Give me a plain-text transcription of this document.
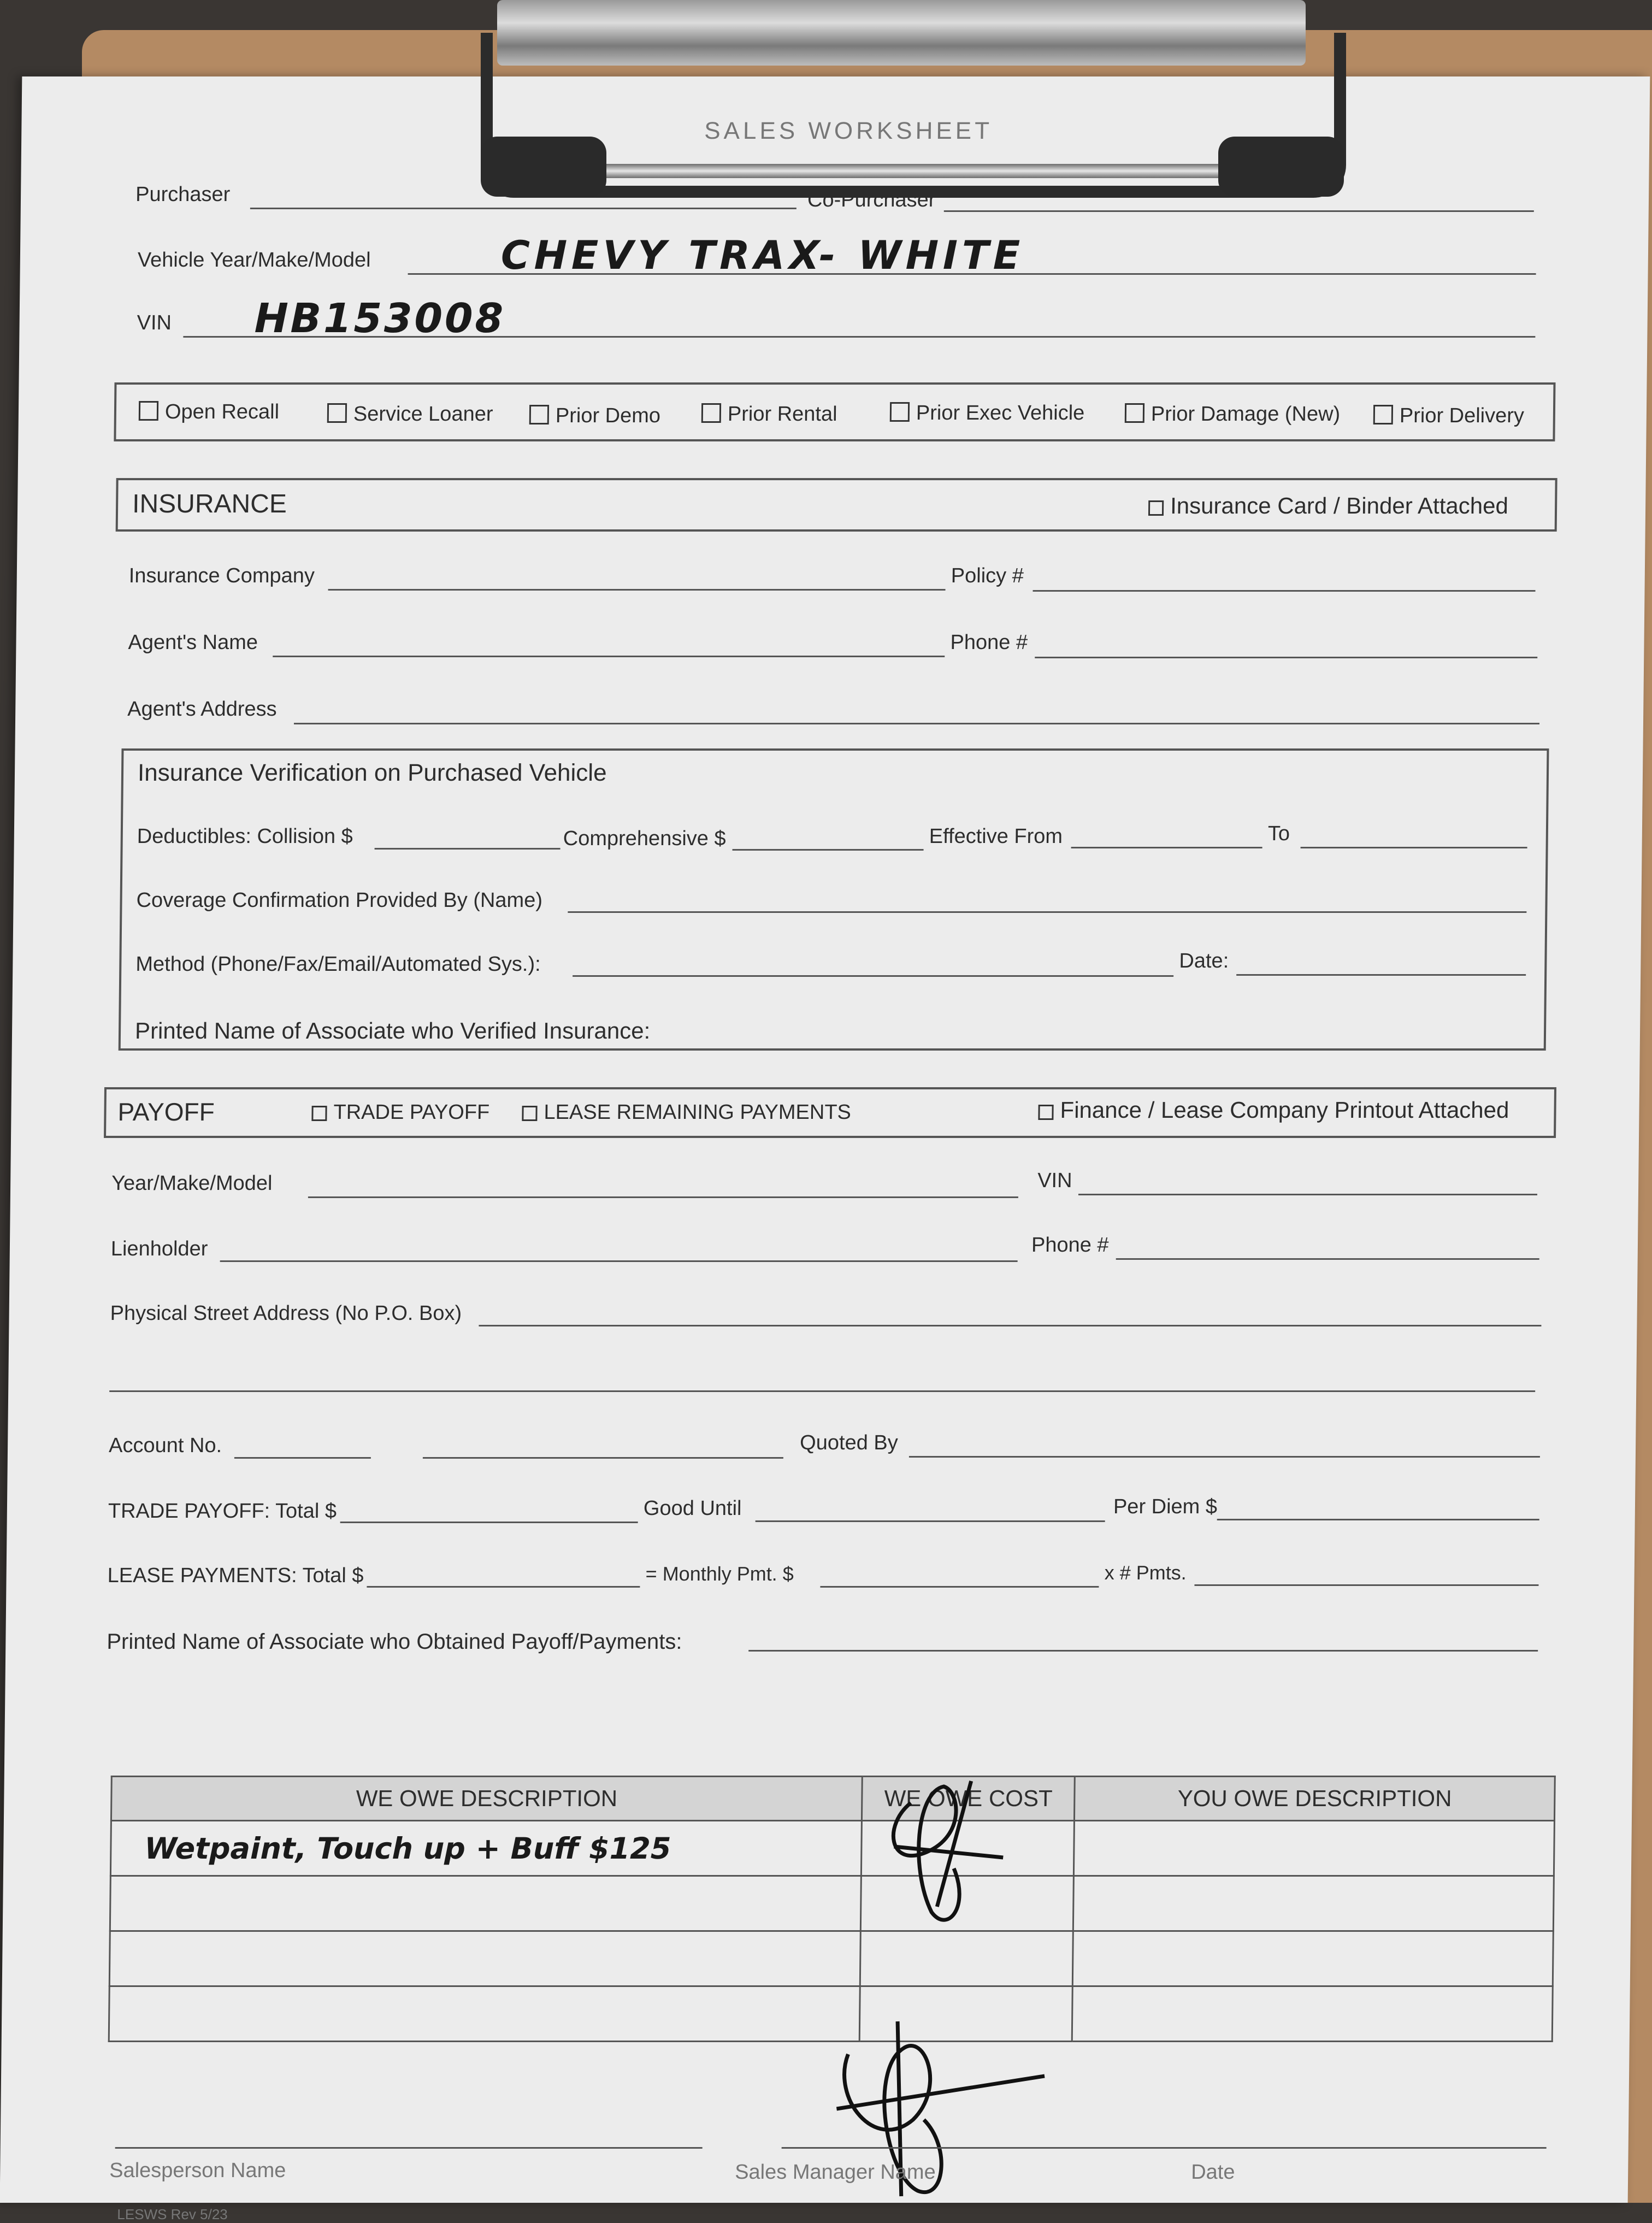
SALES WORKSHEET
Purchaser	Co-Purchaser
Vehicle Year/Make/Model	CHEVY TRAX- WHITE
VIN HB153008
Open Recall	Service Loaner	Prior Demo	Prior Rental	Prior Exec Vehicle	Prior Damage (New)	Prior Delivery
INSURANCE	Insurance Card / Binder Attached
Insurance Company	Policy #
Agent's Name	Phone #
Agent's Address
Insurance Verification on Purchased Vehicle
Deductibles: Collision $	Comprehensive $	Effective From	To
Coverage Confirmation Provided By (Name)
Method (Phone/Fax/Email/Automated Sys.):	Date:
Printed Name of Associate who Verified Insurance:
PAYOFF	TRADE PAYOFF	LEASE REMAINING PAYMENTS	Finance / Lease Company Printout Attached
Year/Make/Model	VIN
Lienholder	Phone #
Physical Street Address (No P.O. Box)
Account No.	Quoted By
TRADE PAYOFF: Total $	Good Until	Per Diem $
LEASE PAYMENTS: Total $	= Monthly Pmt. $	x # Pmts.
Printed Name of Associate who Obtained Payoff/Payments:
WE OWE DESCRIPTION	WE OWE COST	YOU OWE DESCRIPTION
Wetpaint, Touch up + Buff $125		

Salesperson Name	Sales Manager Name	Date
LESWS Rev 5/23
